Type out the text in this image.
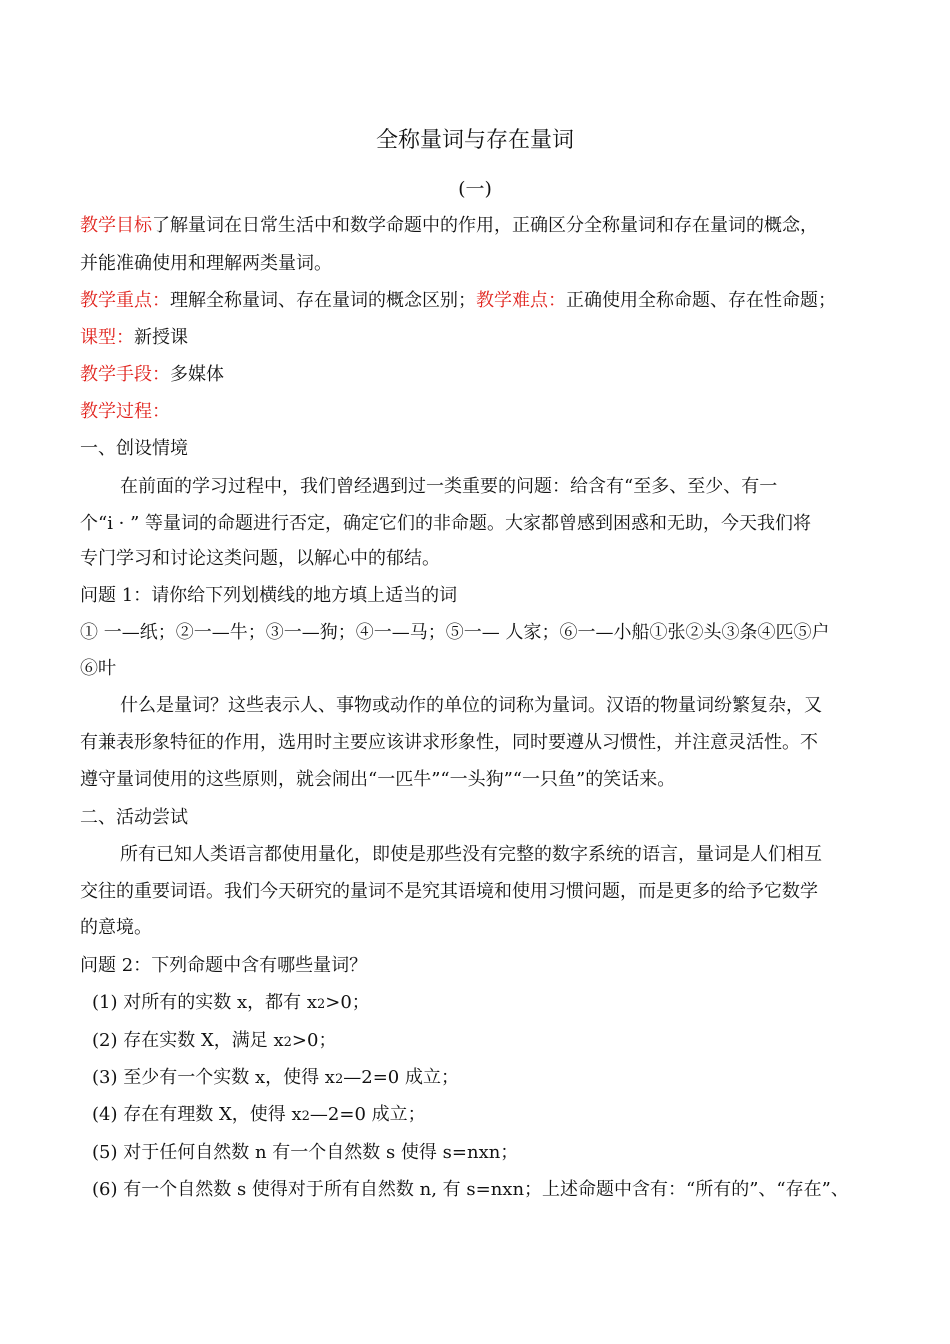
全称量词与存在量词
(一)
教学目标了解量词在日常生活中和数学命题中的作用，正确区分全称量词和存在量词的概念，
并能准确使用和理解两类量词。
教学重点：理解全称量词、存在量词的概念区别；教学难点：正确使用全称命题、存在性命题；
课型：新授课
教学手段：多媒体
教学过程：
一、创设情境
在前面的学习过程中，我们曾经遇到过一类重要的问题：给含有“至多、至少、有一
个“i · ” 等量词的命题进行否定，确定它们的非命题。大家都曾感到困惑和无助，今天我们将
专门学习和讨论这类问题，以解心中的郁结。
问题 1：请你给下列划横线的地方填上适当的词
① 一—纸；②一—牛；③一—狗；④一—马；⑤一— 人家；⑥一—小船①张②头③条④匹⑤户
⑥叶
什么是量词？这些表示人、事物或动作的单位的词称为量词。汉语的物量词纷繁复杂，又
有兼表形象特征的作用，选用时主要应该讲求形象性，同时要遵从习惯性，并注意灵活性。不
遵守量词使用的这些原则，就会闹出“一匹牛”“一头狗”“一只鱼”的笑话来。
二、活动尝试
所有已知人类语言都使用量化，即使是那些没有完整的数字系统的语言，量词是人们相互
交往的重要词语。我们今天研究的量词不是究其语境和使用习惯问题，而是更多的给予它数学
的意境。
问题 2：下列命题中含有哪些量词？
(1) 对所有的实数 x，都有 x2>0；
(2) 存在实数 X，满足 x2>0；
(3) 至少有一个实数 x，使得 x2—2=0 成立；
(4) 存在有理数 X，使得 x2—2=0 成立；
(5) 对于任何自然数 n 有一个自然数 s 使得 s=nxn；
(6) 有一个自然数 s 使得对于所有自然数 n, 有 s=nxn；上述命题中含有：“所有的”、“存在”、
